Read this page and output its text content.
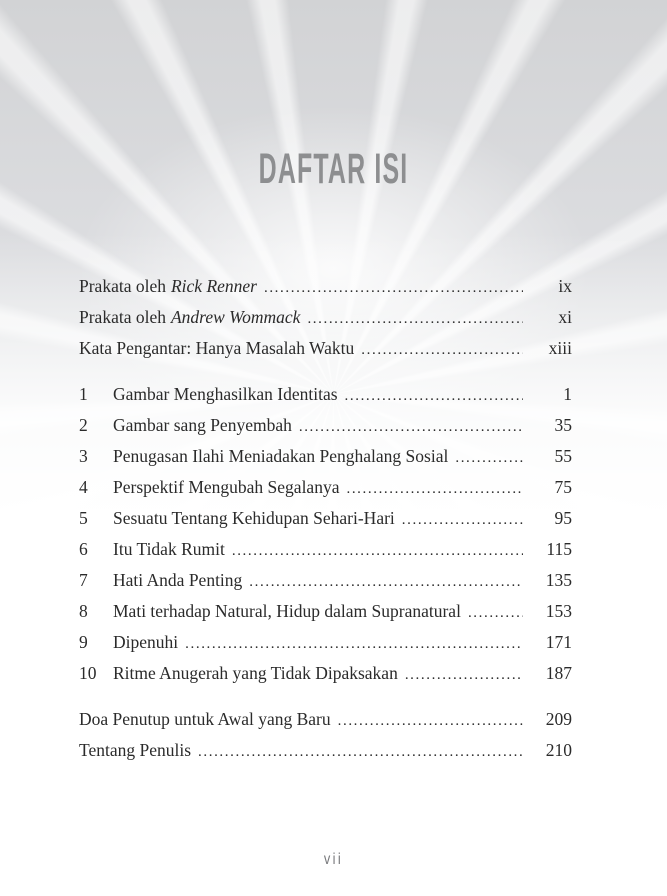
DAFTAR ISI
Prakata oleh Rick Renner .....	ix
Prakata oleh Andrew Wommack .....	xi
Kata Pengantar: Hanya Masalah Waktu .....	xiii
1	Gambar Menghasilkan Identitas .....	1
2	Gambar sang Penyembah .....	35
3	Penugasan Ilahi Meniadakan Penghalang Sosial .....	55
4	Perspektif Mengubah Segalanya .....	75
5	Sesuatu Tentang Kehidupan Sehari-Hari .....	95
6	Itu Tidak Rumit .....	115
7	Hati Anda Penting .....	135
8	Mati terhadap Natural, Hidup dalam Supranatural .....	153
9	Dipenuhi .....	171
10 Ritme Anugerah yang Tidak Dipaksakan .....	187
Doa Penutup untuk Awal yang Baru .....	209
Tentang Penulis .....	210
vii
